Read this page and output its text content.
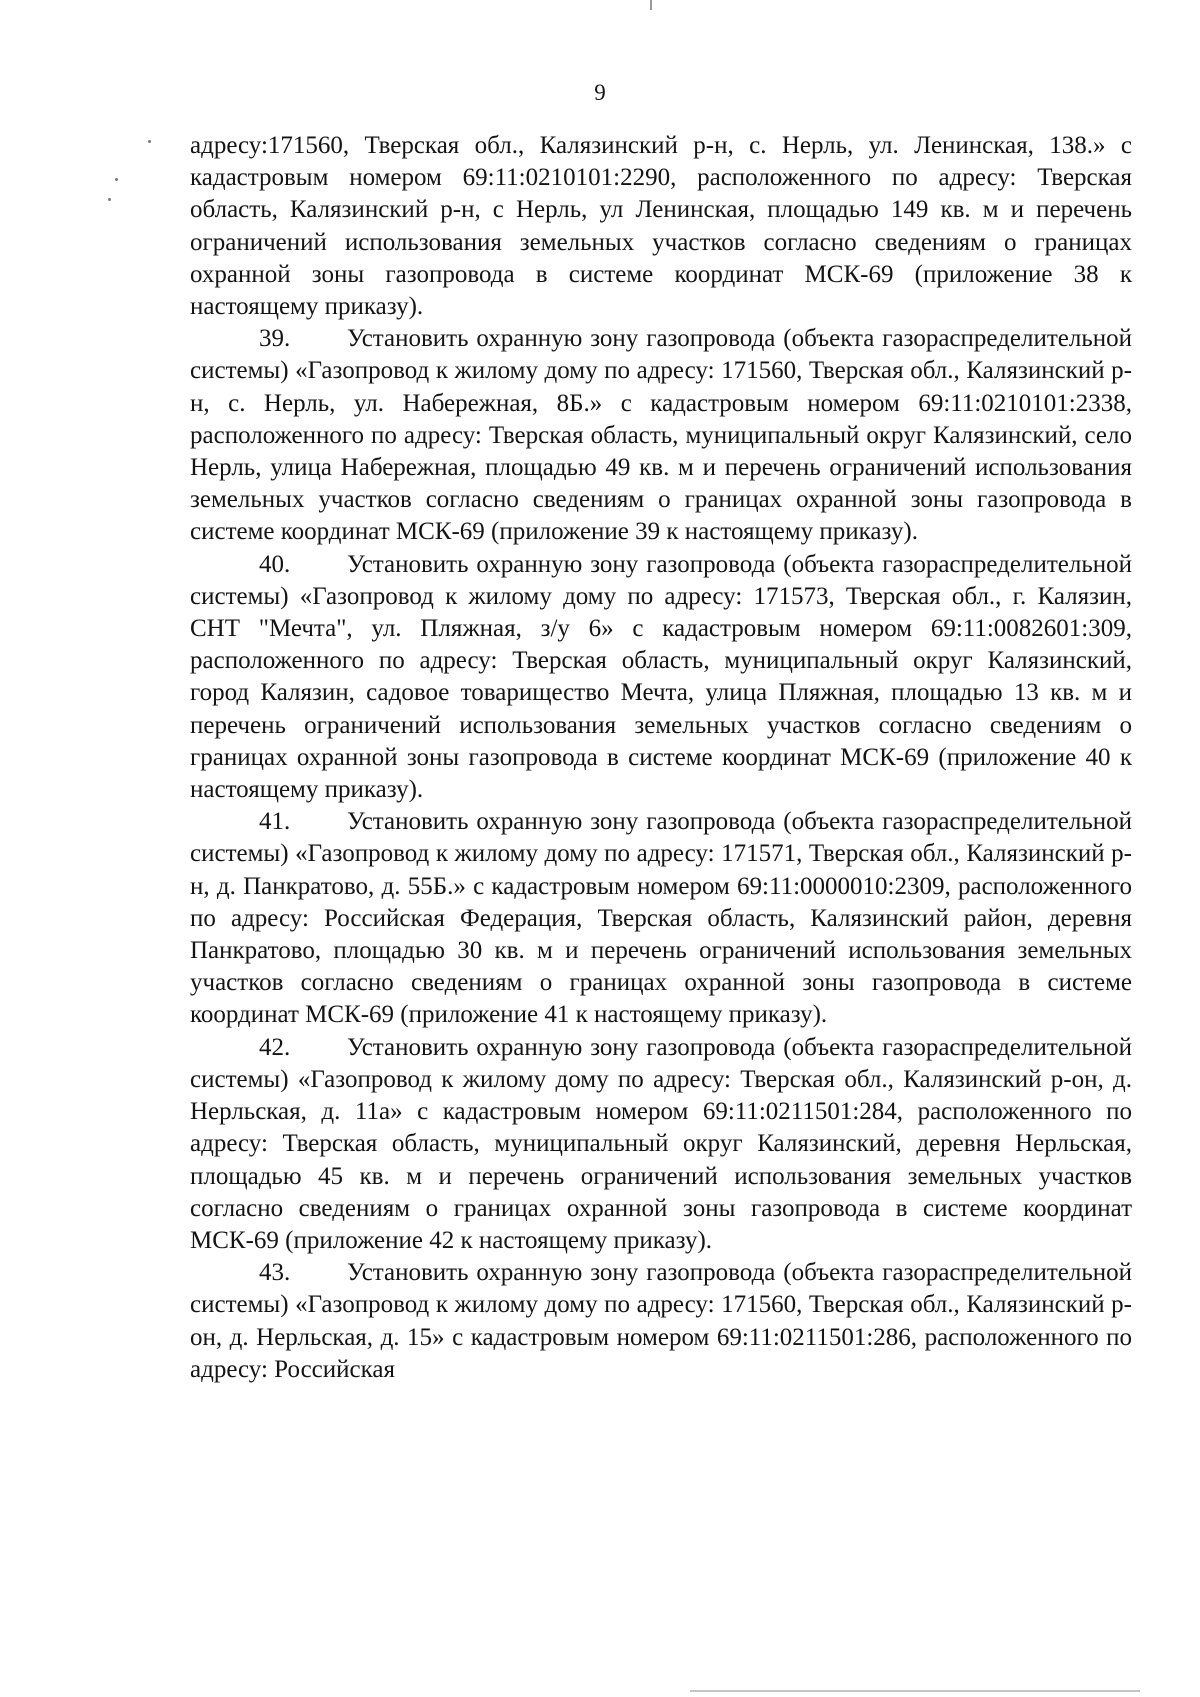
9

адресу:171560, Тверская обл., Калязинский р-н, с. Нерль, ул. Ленинская, 138.» с кадастровым номером 69:11:0210101:2290, расположенного по адресу: Тверская область, Калязинский р-н, с Нерль, ул Ленинская, площадью 149 кв. м и перечень ограничений использования земельных участков согласно сведениям о границах охранной зоны газопровода в системе координат МСК-69 (приложение 38 к настоящему приказу).

39. Установить охранную зону газопровода (объекта газораспределительной системы) «Газопровод к жилому дому по адресу: 171560, Тверская обл., Калязинский р-н, с. Нерль, ул. Набережная, 8Б.» с кадастровым номером 69:11:0210101:2338, расположенного по адресу: Тверская область, муниципальный округ Калязинский, село Нерль, улица Набережная, площадью 49 кв. м и перечень ограничений использования земельных участков согласно сведениям о границах охранной зоны газопровода в системе координат МСК-69 (приложение 39 к настоящему приказу).

40. Установить охранную зону газопровода (объекта газораспределительной системы) «Газопровод к жилому дому по адресу: 171573, Тверская обл., г. Калязин, СНТ "Мечта", ул. Пляжная, з/у 6» с кадастровым номером 69:11:0082601:309, расположенного по адресу: Тверская область, муниципальный округ Калязинский, город Калязин, садовое товарищество Мечта, улица Пляжная, площадью 13 кв. м и перечень ограничений использования земельных участков согласно сведениям о границах охранной зоны газопровода в системе координат МСК-69 (приложение 40 к настоящему приказу).

41. Установить охранную зону газопровода (объекта газораспределительной системы) «Газопровод к жилому дому по адресу: 171571, Тверская обл., Калязинский р-н, д. Панкратово, д. 55Б.» с кадастровым номером 69:11:0000010:2309, расположенного по адресу: Российская Федерация, Тверская область, Калязинский район, деревня Панкратово, площадью 30 кв. м и перечень ограничений использования земельных участков согласно сведениям о границах охранной зоны газопровода в системе координат МСК-69 (приложение 41 к настоящему приказу).

42. Установить охранную зону газопровода (объекта газораспределительной системы) «Газопровод к жилому дому по адресу: Тверская обл., Калязинский р-он, д. Нерльская, д. 11а» с кадастровым номером 69:11:0211501:284, расположенного по адресу: Тверская область, муниципальный округ Калязинский, деревня Нерльская, площадью 45 кв. м и перечень ограничений использования земельных участков согласно сведениям о границах охранной зоны газопровода в системе координат МСК-69 (приложение 42 к настоящему приказу).

43. Установить охранную зону газопровода (объекта газораспределительной системы) «Газопровод к жилому дому по адресу: 171560, Тверская обл., Калязинский р-он, д. Нерльская, д. 15» с кадастровым номером 69:11:0211501:286, расположенного по адресу: Российская
